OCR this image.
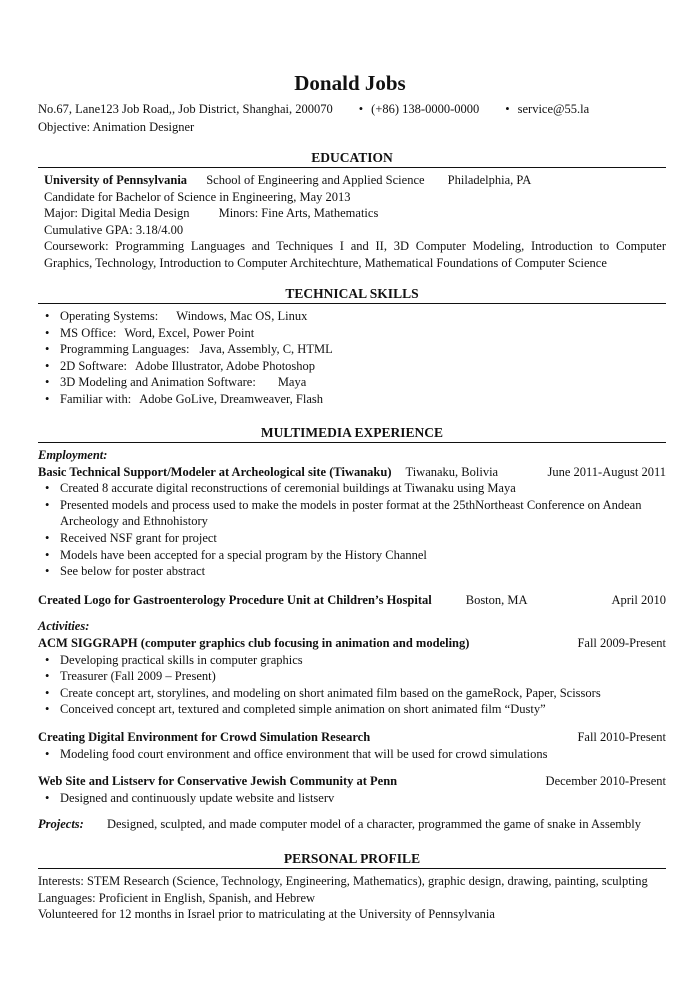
Donald Jobs
No.67, Lane123 Job Road,, Job District, Shanghai, 200070 • (+86) 138-0000-0000 • service@55.la
Objective: Animation Designer
EDUCATION
University of Pennsylvania School of Engineering and Applied Science Philadelphia, PA
Candidate for Bachelor of Science in Engineering, May 2013
Major: Digital Media Design Minors: Fine Arts, Mathematics
Cumulative GPA: 3.18/4.00
Coursework: Programming Languages and Techniques I and II, 3D Computer Modeling, Introduction to Computer Graphics, Technology, Introduction to Computer Architechture, Mathematical Foundations of Computer Science
TECHNICAL SKILLS
• Operating Systems: Windows, Mac OS, Linux
• MS Office: Word, Excel, Power Point
• Programming Languages: Java, Assembly, C, HTML
• 2D Software: Adobe Illustrator, Adobe Photoshop
• 3D Modeling and Animation Software: Maya
• Familiar with: Adobe GoLive, Dreamweaver, Flash
MULTIMEDIA EXPERIENCE
Employment:
Basic Technical Support/Modeler at Archeological site (Tiwanaku) Tiwanaku, Bolivia	June 2011-August 2011
• Created 8 accurate digital reconstructions of ceremonial buildings at Tiwanaku using Maya
• Presented models and process used to make the models in poster format at the 25thNortheast Conference on Andean Archeology and Ethnohistory
• Received NSF grant for project
• Models have been accepted for a special program by the History Channel
• See below for poster abstract
Created Logo for Gastroenterology Procedure Unit at Children’s Hospital	Boston, MA	April 2010
Activities:
ACM SIGGRAPH (computer graphics club focusing in animation and modeling)	Fall 2009-Present
• Developing practical skills in computer graphics
• Treasurer (Fall 2009 – Present)
• Create concept art, storylines, and modeling on short animated film based on the gameRock, Paper, Scissors
• Conceived concept art, textured and completed simple animation on short animated film “Dusty”
Creating Digital Environment for Crowd Simulation Research	Fall 2010-Present
• Modeling food court environment and office environment that will be used for crowd simulations
Web Site and Listserv for Conservative Jewish Community at Penn	December 2010-Present
• Designed and continuously update website and listserv
Projects: Designed, sculpted, and made computer model of a character, programmed the game of snake in Assembly
PERSONAL PROFILE
Interests: STEM Research (Science, Technology, Engineering, Mathematics), graphic design, drawing, painting, sculpting
Languages: Proficient in English, Spanish, and Hebrew
Volunteered for 12 months in Israel prior to matriculating at the University of Pennsylvania
